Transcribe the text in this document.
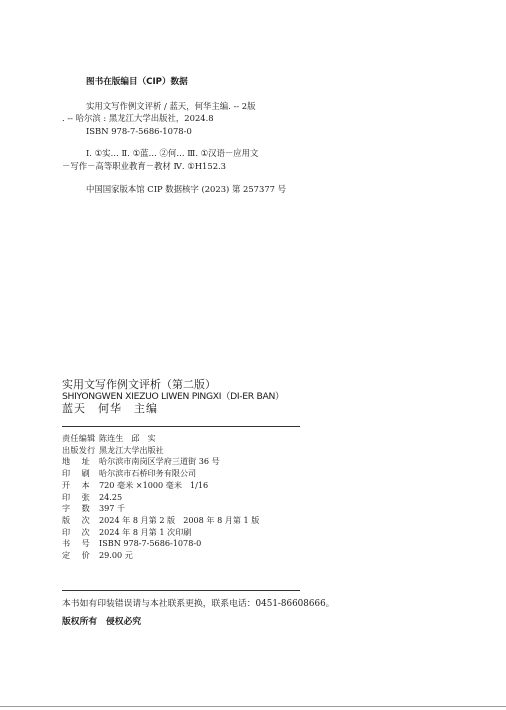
图书在版编目（CIP）数据
实用文写作例文评析 / 蓝天，何华主编. -- 2版
. -- 哈尔滨 : 黑龙江大学出版社，2024.8
ISBN 978-7-5686-1078-0
Ⅰ. ①实… Ⅱ. ①蓝… ②何… Ⅲ. ①汉语－应用文
－写作－高等职业教育－教材 Ⅳ. ①H152.3
中国国家版本馆 CIP 数据核字 (2023) 第 257377 号
实用文写作例文评析（第二版）
SHIYONGWEN XIEZUO LIWEN PINGXI（DI-ER BAN）
蓝天　何华　主编
责任编辑 陈连生　邱　实
出版发行 黑龙江大学出版社
地址 哈尔滨市南岗区学府三道街 36 号
印刷 哈尔滨市石桥印务有限公司
开本 720 毫米 ×1000 毫米　1/16
印张 24.25
字数 397 千
版次 2024 年 8 月第 2 版　2008 年 8 月第 1 版
印次 2024 年 8 月第 1 次印刷
书号 ISBN 978-7-5686-1078-0
定价 29.00 元
本书如有印装错误请与本社联系更换，联系电话：0451-86608666。
版权所有　侵权必究
